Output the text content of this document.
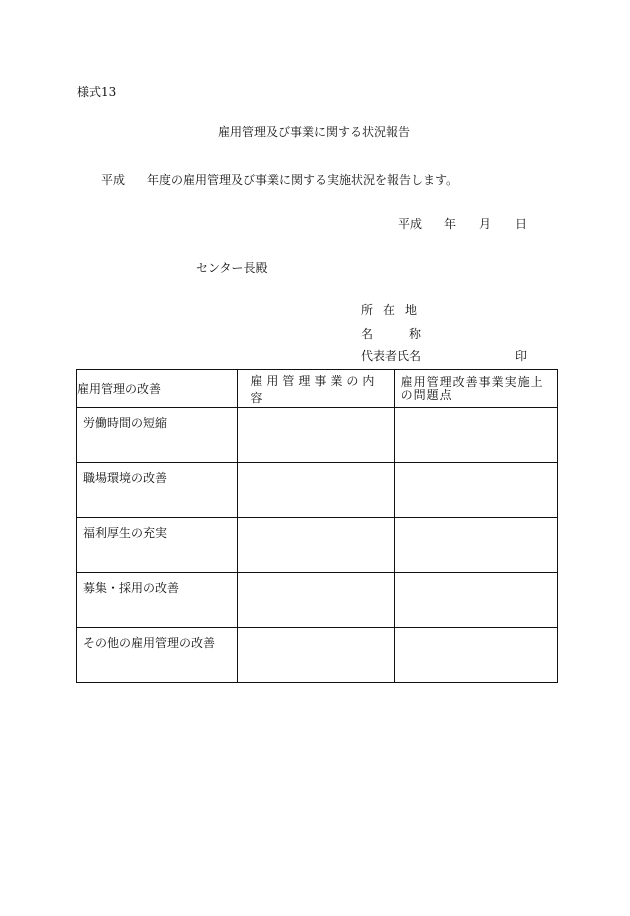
様式13
雇用管理及び事業に関する状況報告
平成 年度の雇用管理及び事業に関する実施状況を報告します。
平成 年 月 日
センター長殿
所在地
名	称
代表者氏名	印
雇用管理の改善	雇用管理事業の内容	雇用管理改善事業実施上の問題点
労働時間の短縮		
職場環境の改善		
福利厚生の充実		
募集・採用の改善		
その他の雇用管理の改善		
